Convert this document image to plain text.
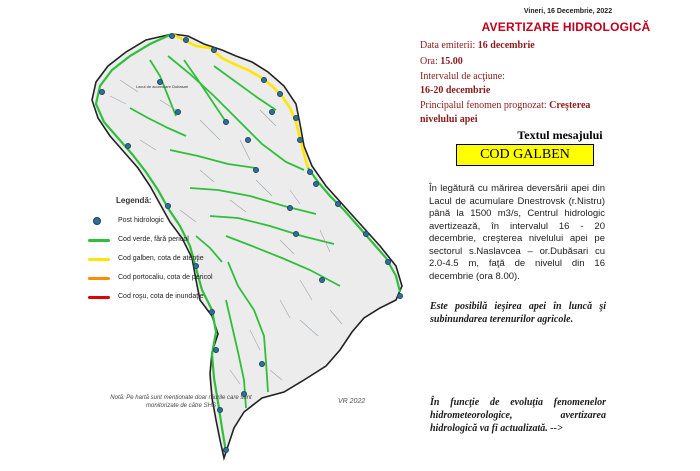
Lacul de acumulare Dubasari
Legendă:
Post hidrologic
Cod verde, fără pericol
Cod galben, cota de atenţie
Cod portocaliu, cota de pericol
Cod roşu, cota de inundaţie
Notă: Pe hartă sunt menționate doar râurile care sunt monitorizate de către SHS
VR 2022
Vineri, 16 Decembrie, 2022
AVERTIZARE HIDROLOGICĂ
Data emiterii: 16 decembrie
Ora: 15.00
Intervalul de acţiune:
16-20 decembrie
Principalul fenomen prognozat: Creşterea
nivelului apei
Textul mesajului
COD GALBEN
În legătură cu mărirea deversării apei din Lacul de acumulare Dnestrovsk (r.Nistru) până la 1500 m3/s, Centrul hidrologic avertizează, în intervalul 16 - 20 decembrie, creşterea nivelului apei pe sectorul s.Naslavcea – or.Dubăsari cu 2.0-4.5 m, faţă de nivelul din 16 decembrie (ora 8.00).
Este posibilă ieşirea apei în luncă şi subinundarea terenurilor agricole.
În funcţie de evoluţia fenomenelor hidrometeorologice, avertizarea hidrologică va fi actualizată. -->
